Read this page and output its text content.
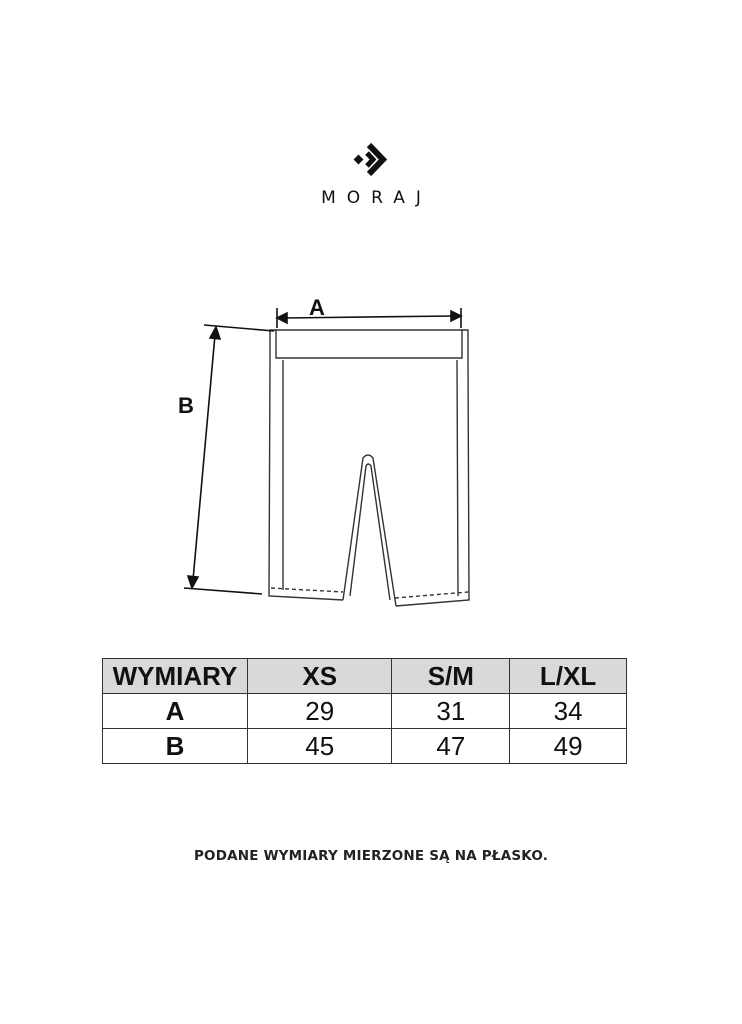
MORAJ
A
B
WYMIARY	XS	S/M	L/XL
A	29	31	34
B	45	47	49
PODANE WYMIARY MIERZONE SĄ NA PŁASKO.
